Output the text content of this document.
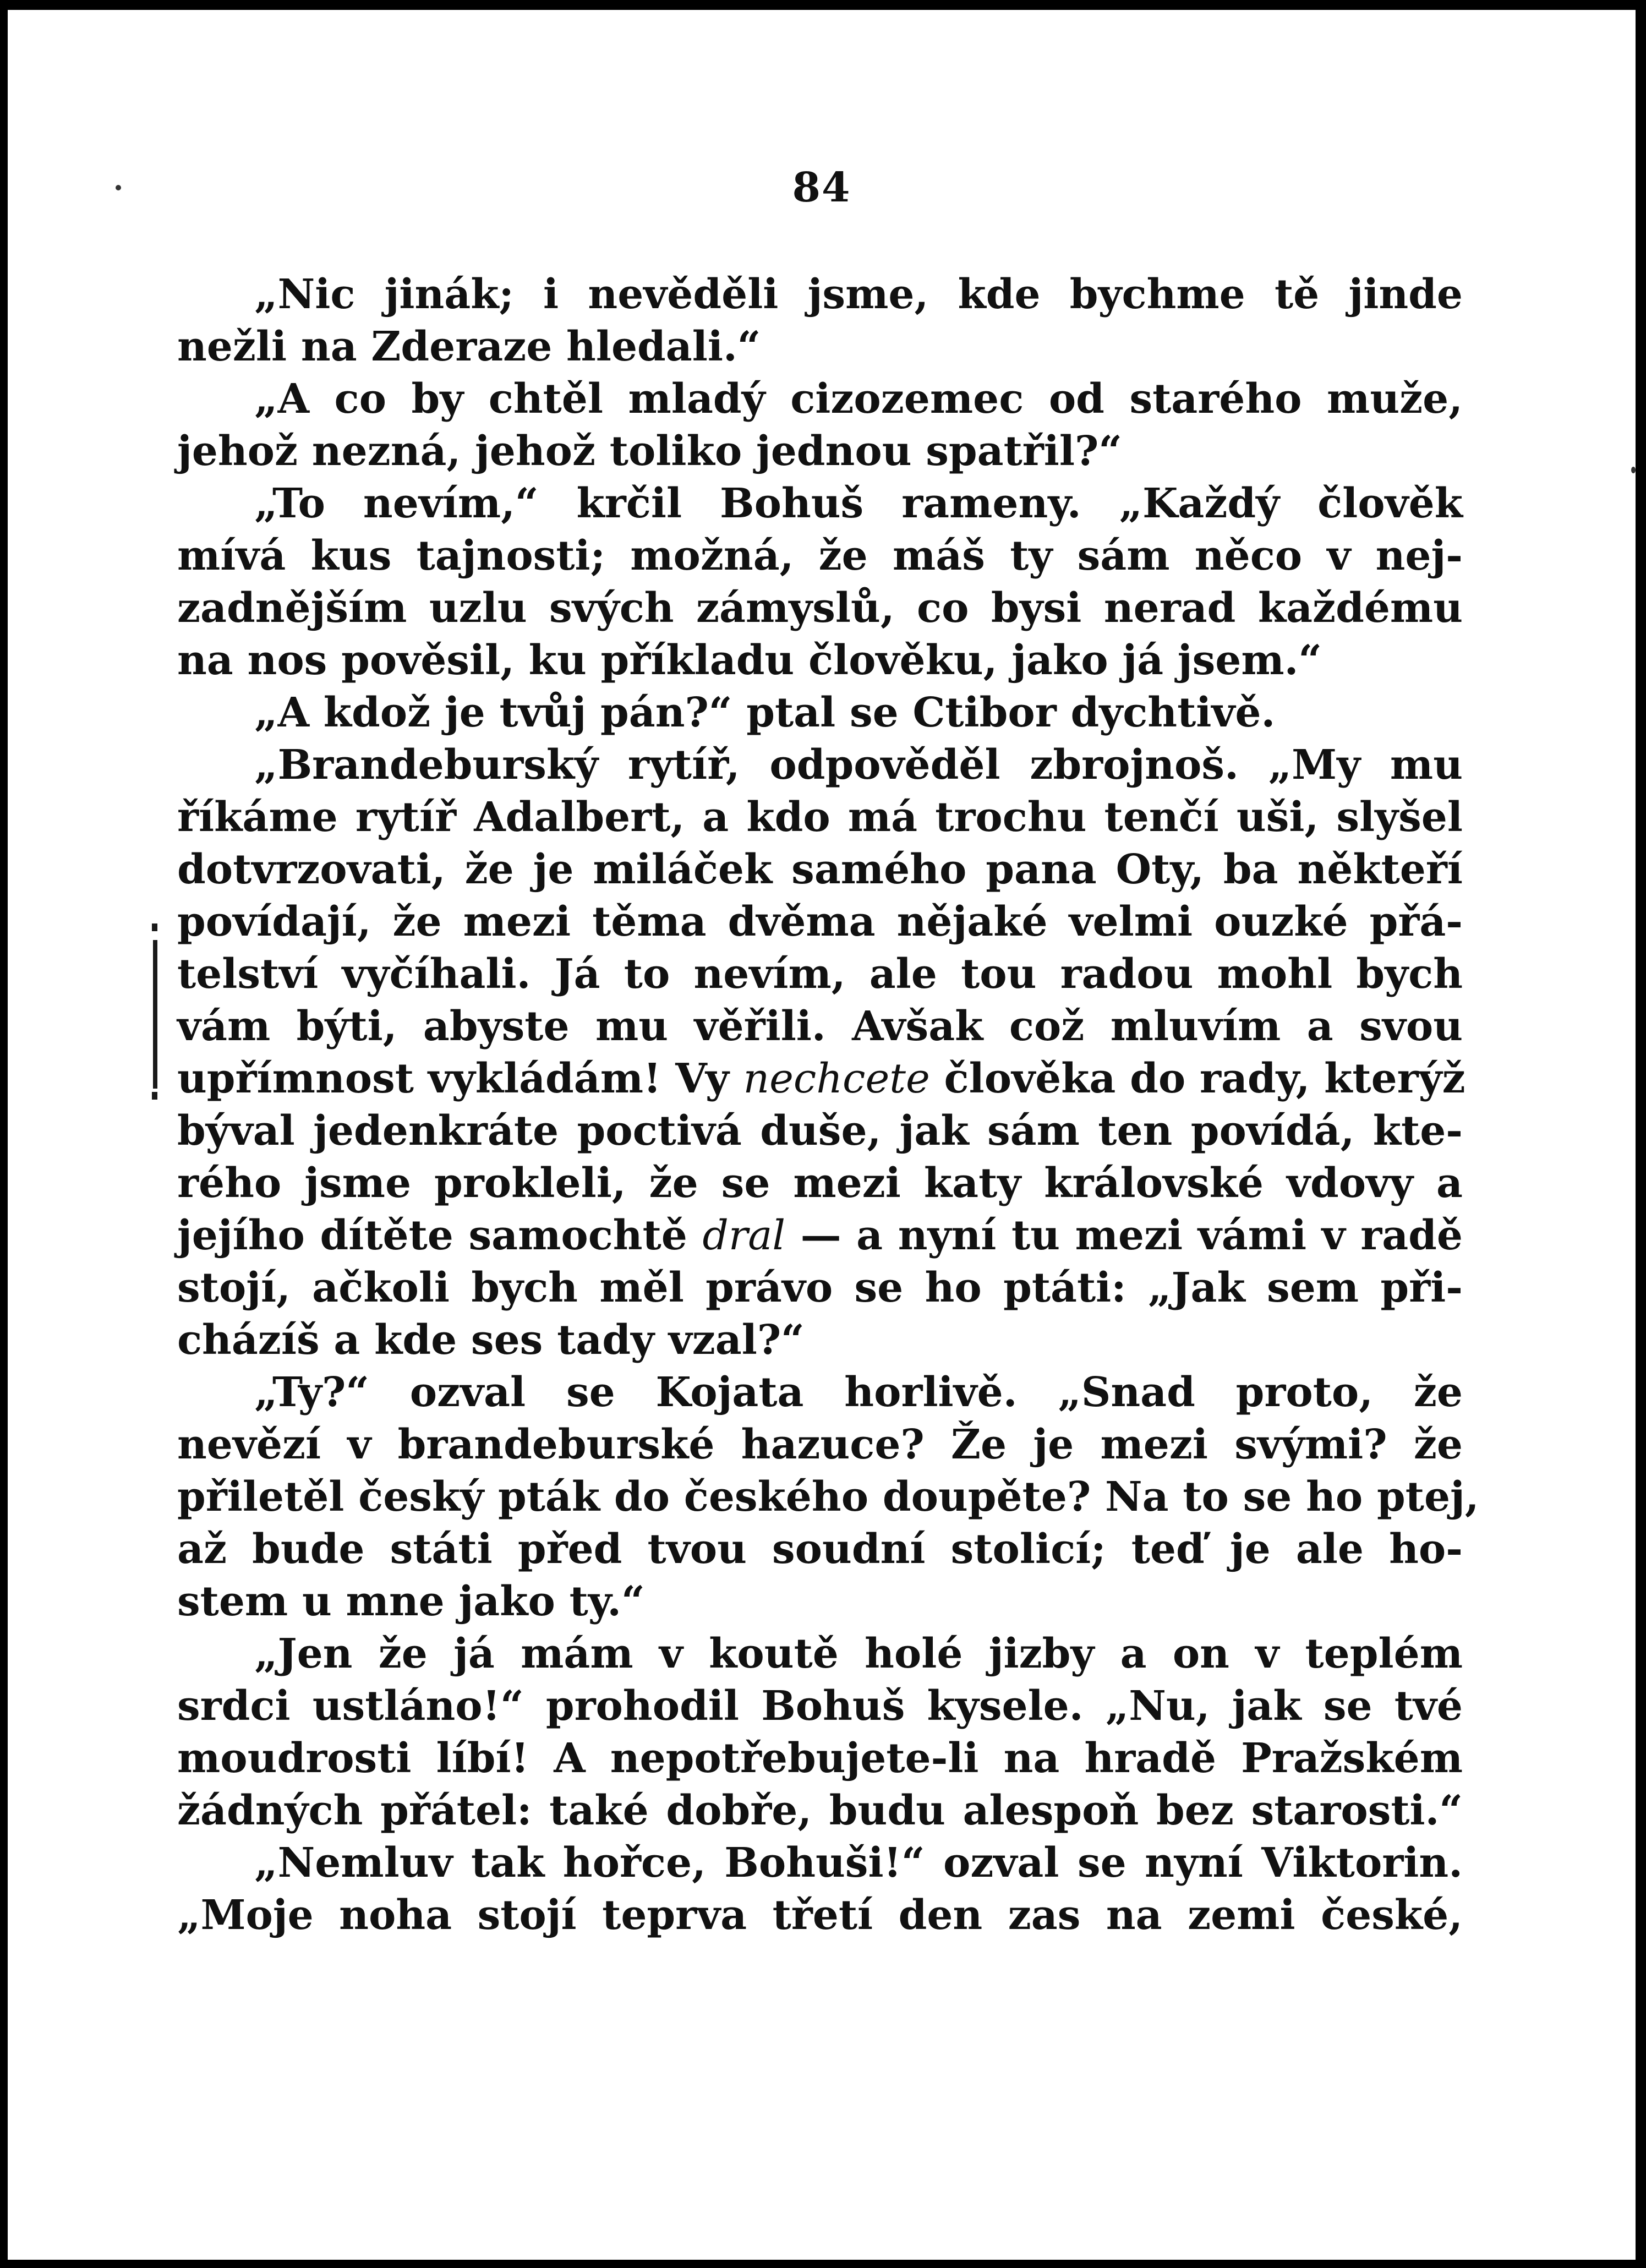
84
„Nic jinák; i nevěděli jsme, kde bychme tě jinde
nežli na Zderaze hledali.“
„A co by chtěl mladý cizozemec od starého muže,
jehož nezná, jehož toliko jednou spatřil?“
„To nevím,“ krčil Bohuš rameny. „Každý člověk
mívá kus tajnosti; možná, že máš ty sám něco v nej-
zadnějším uzlu svých zámyslů, co bysi nerad každému
na nos pověsil, ku příkladu člověku, jako já jsem.“
„A kdož je tvůj pán?“ ptal se Ctibor dychtivě.
„Brandeburský rytíř, odpověděl zbrojnoš. „My mu
říkáme rytíř Adalbert, a kdo má trochu tenčí uši, slyšel
dotvrzovati, že je miláček samého pana Oty, ba někteří
povídají, že mezi těma dvěma nějaké velmi ouzké přá-
telství vyčíhali. Já to nevím, ale tou radou mohl bych
vám býti, abyste mu věřili. Avšak což mluvím a svou
upřímnost vykládám! Vy nechcete člověka do rady, kterýž
býval jedenkráte poctivá duše, jak sám ten povídá, kte-
rého jsme prokleli, že se mezi katy královské vdovy a
jejího dítěte samochtě dral — a nyní tu mezi vámi v radě
stojí, ačkoli bych měl právo se ho ptáti: „Jak sem při-
cházíš a kde ses tady vzal?“
„Ty?“ ozval se Kojata horlivě. „Snad proto, že
nevězí v brandeburské hazuce? Že je mezi svými? že
přiletěl český pták do českého doupěte? Na to se ho ptej,
až bude státi před tvou soudní stolicí; teď je ale ho-
stem u mne jako ty.“
„Jen že já mám v koutě holé jizby a on v teplém
srdci ustláno!“ prohodil Bohuš kysele. „Nu, jak se tvé
moudrosti líbí! A nepotřebujete-li na hradě Pražském
žádných přátel: také dobře, budu alespoň bez starosti.“
„Nemluv tak hořce, Bohuši!“ ozval se nyní Viktorin.
„Moje noha stojí teprva třetí den zas na zemi české,
